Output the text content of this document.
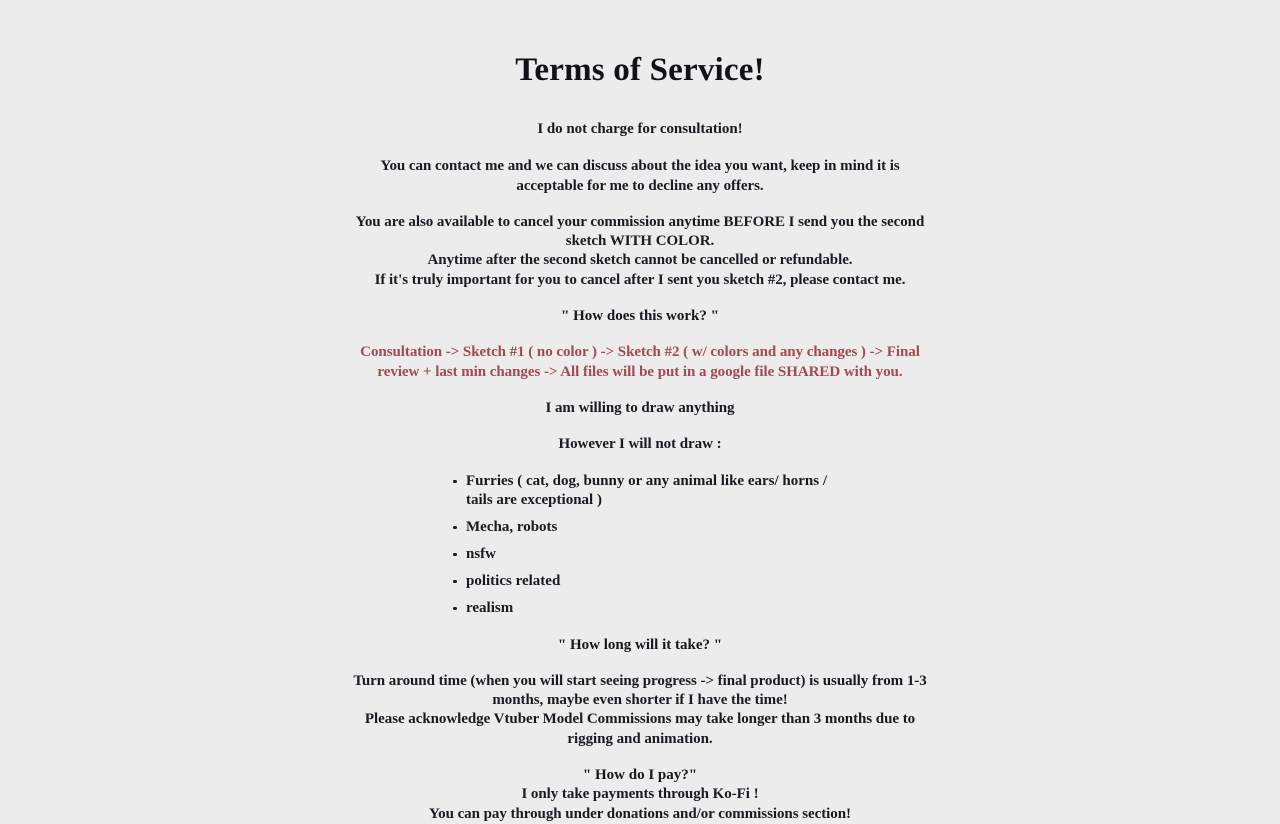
Terms of Service!

I do not charge for consultation!

You can contact me and we can discuss about the idea you want, keep in mind it is acceptable for me to decline any offers.

You are also available to cancel your commission anytime BEFORE I send you the second sketch WITH COLOR.

Anytime after the second sketch cannot be cancelled or refundable.

If it's truly important for you to cancel after I sent you sketch #2, please contact me.

" How does this work? "

Consultation -> Sketch #1 ( no color ) -> Sketch #2 ( w/ colors and any changes ) -> Final review + last min changes -> All files will be put in a google file SHARED with you.

I am willing to draw anything

However I will not draw :

Furries ( cat, dog, bunny or any animal like ears/ horns / tails are exceptional )
Mecha, robots
nsfw
politics related
realism

" How long will it take? "

Turn around time (when you will start seeing progress -> final product) is usually from 1-3 months, maybe even shorter if I have the time!

Please acknowledge Vtuber Model Commissions may take longer than 3 months due to rigging and animation.

" How do I pay?"

I only take payments through Ko-Fi !

You can pay through under donations and/or commissions section!
